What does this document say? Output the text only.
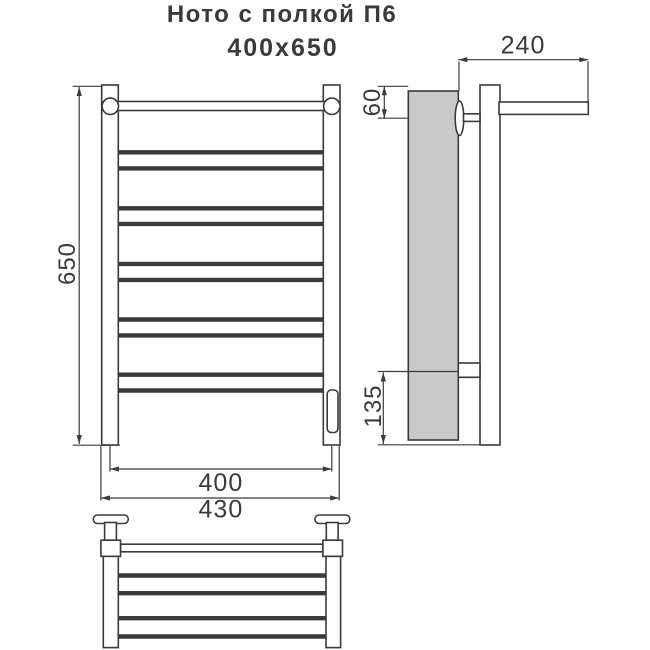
Ното с полкой П6
400x650
650
400
430
240
60
135
